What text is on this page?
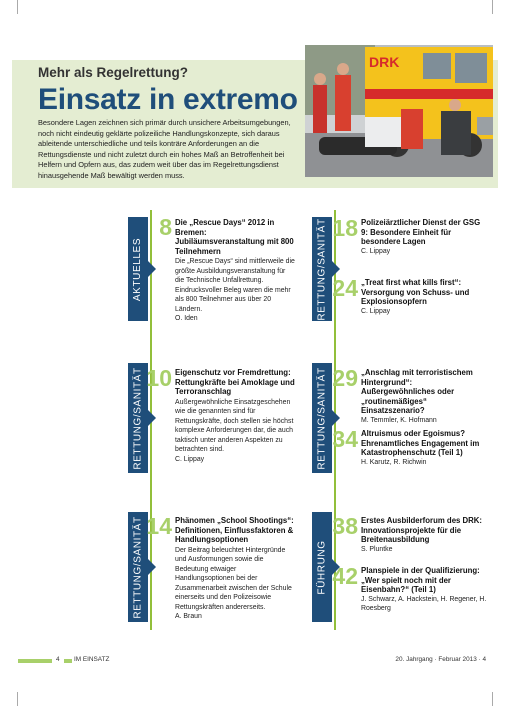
Mehr als Regelrettung?
Einsatz in extremo
Besondere Lagen zeichnen sich primär durch unsichere Arbeitsumgebungen, noch nicht eindeutig geklärte polizeiliche Handlungskonzepte, sich daraus ableitende unterschiedliche und teils konträre Anforderungen an die Rettungsdienste und nicht zuletzt durch ein hohes Maß an Betroffenheit bei Helfern und Opfern aus, das zudem weit über das im Regelrettungsdienst hinausgehende Maß bewältigt werden muss.
DRK
AKTUELLES
8 Die „Rescue Days“ 2012 in Bremen: Jubiläumsveranstaltung mit 800 Teilnehmern
Die „Rescue Days“ sind mittlerweile die größte Ausbildungsveranstaltung für die Technische Unfallrettung. Eindrucksvoller Beleg waren die mehr als 800 Teilnehmer aus über 20 Ländern.
O. Iden	RETTUNG/SANITÄT 18 Polizeiärztlicher Dienst der GSG 9: Besondere Einheit für besondere Lagen
C. Lippay
24 „Treat first what kills first“: Versorgung von Schuss- und Explosionsopfern
C. Lippay
RETTUNG/SANITÄT 10 Eigenschutz vor Fremdrettung: Rettungkräfte bei Amoklage und Terroranschlag
Außergewöhnliche Einsatzgeschehen wie die genannten sind für Rettungskräfte, doch stellen sie höchst komplexe Anforderungen dar, die auch taktisch unter anderen Aspekten zu betrachten sind.
C. Lippay	RETTUNG/SANITÄT 29 „Anschlag mit terroristischem Hintergrund“: Außergewöhnliches oder „routinemäßiges“ Einsatzszenario?
M. Temmler, K. Hofmann
34 Altruismus oder Egoismus? Ehrenamtliches Engagement im Katastrophenschutz (Teil 1)
H. Karutz, R. Richwin
RETTUNG/SANITÄT 14 Phänomen „School Shootings“: Definitionen, Einflussfaktoren & Handlungsoptionen
Der Beitrag beleuchtet Hintergründe und Ausformungen sowie die Bedeutung etwaiger Handlungsoptionen bei der Zusammenarbeit zwischen der Schule einerseits und den Polizeisowie Rettungskräften andererseits.
A. Braun
FÜHRUNG
38 Erstes Ausbilderforum des DRK: Innovationsprojekte für die Breitenausbildung
S. Pluntke
42 Planspiele in der Qualifizierung: „Wer spielt noch mit der Eisenbahn?“ (Teil 1)
J. Schwarz, A. Hackstein, H. Regener, H. Roesberg
4 IM EINSATZ	20. Jahrgang · Februar 2013 · 4
